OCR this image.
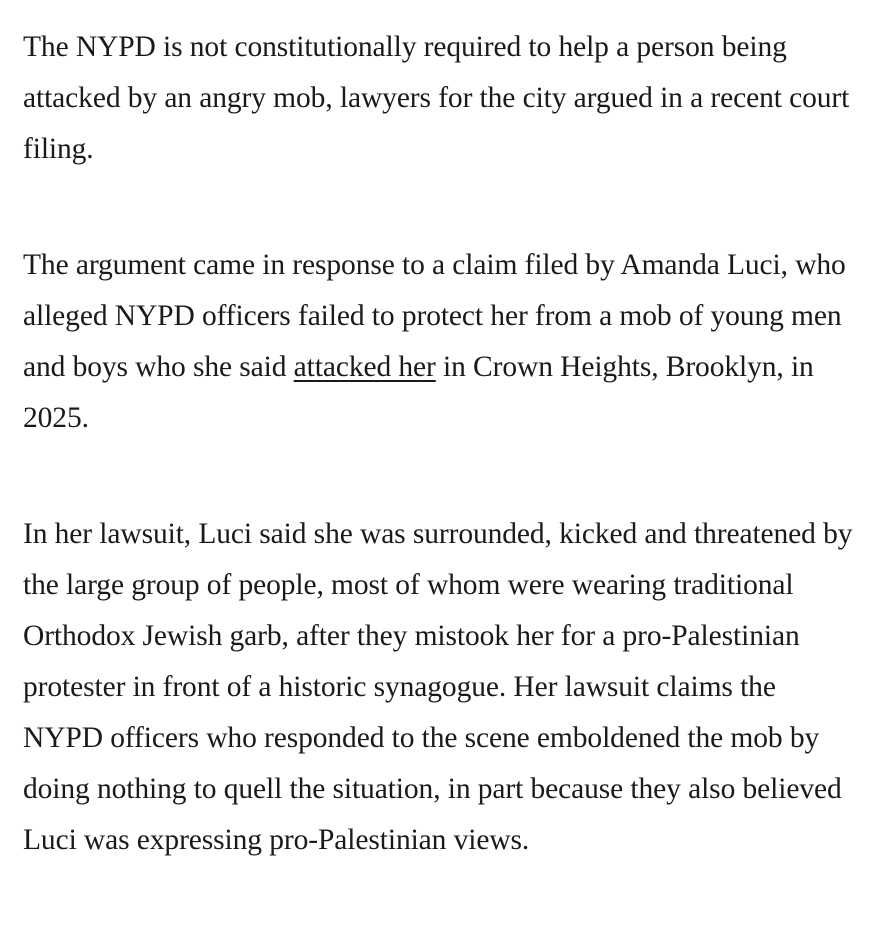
The NYPD is not constitutionally required to help a person being attacked by an angry mob, lawyers for the city argued in a recent court filing.

The argument came in response to a claim filed by Amanda Luci, who alleged NYPD officers failed to protect her from a mob of young men and boys who she said attacked her in Crown Heights, Brooklyn, in 2025.

In her lawsuit, Luci said she was surrounded, kicked and threatened by the large group of people, most of whom were wearing traditional Orthodox Jewish garb, after they mistook her for a pro-Palestinian protester in front of a historic synagogue. Her lawsuit claims the NYPD officers who responded to the scene emboldened the mob by doing nothing to quell the situation, in part because they also believed Luci was expressing pro-Palestinian views.
